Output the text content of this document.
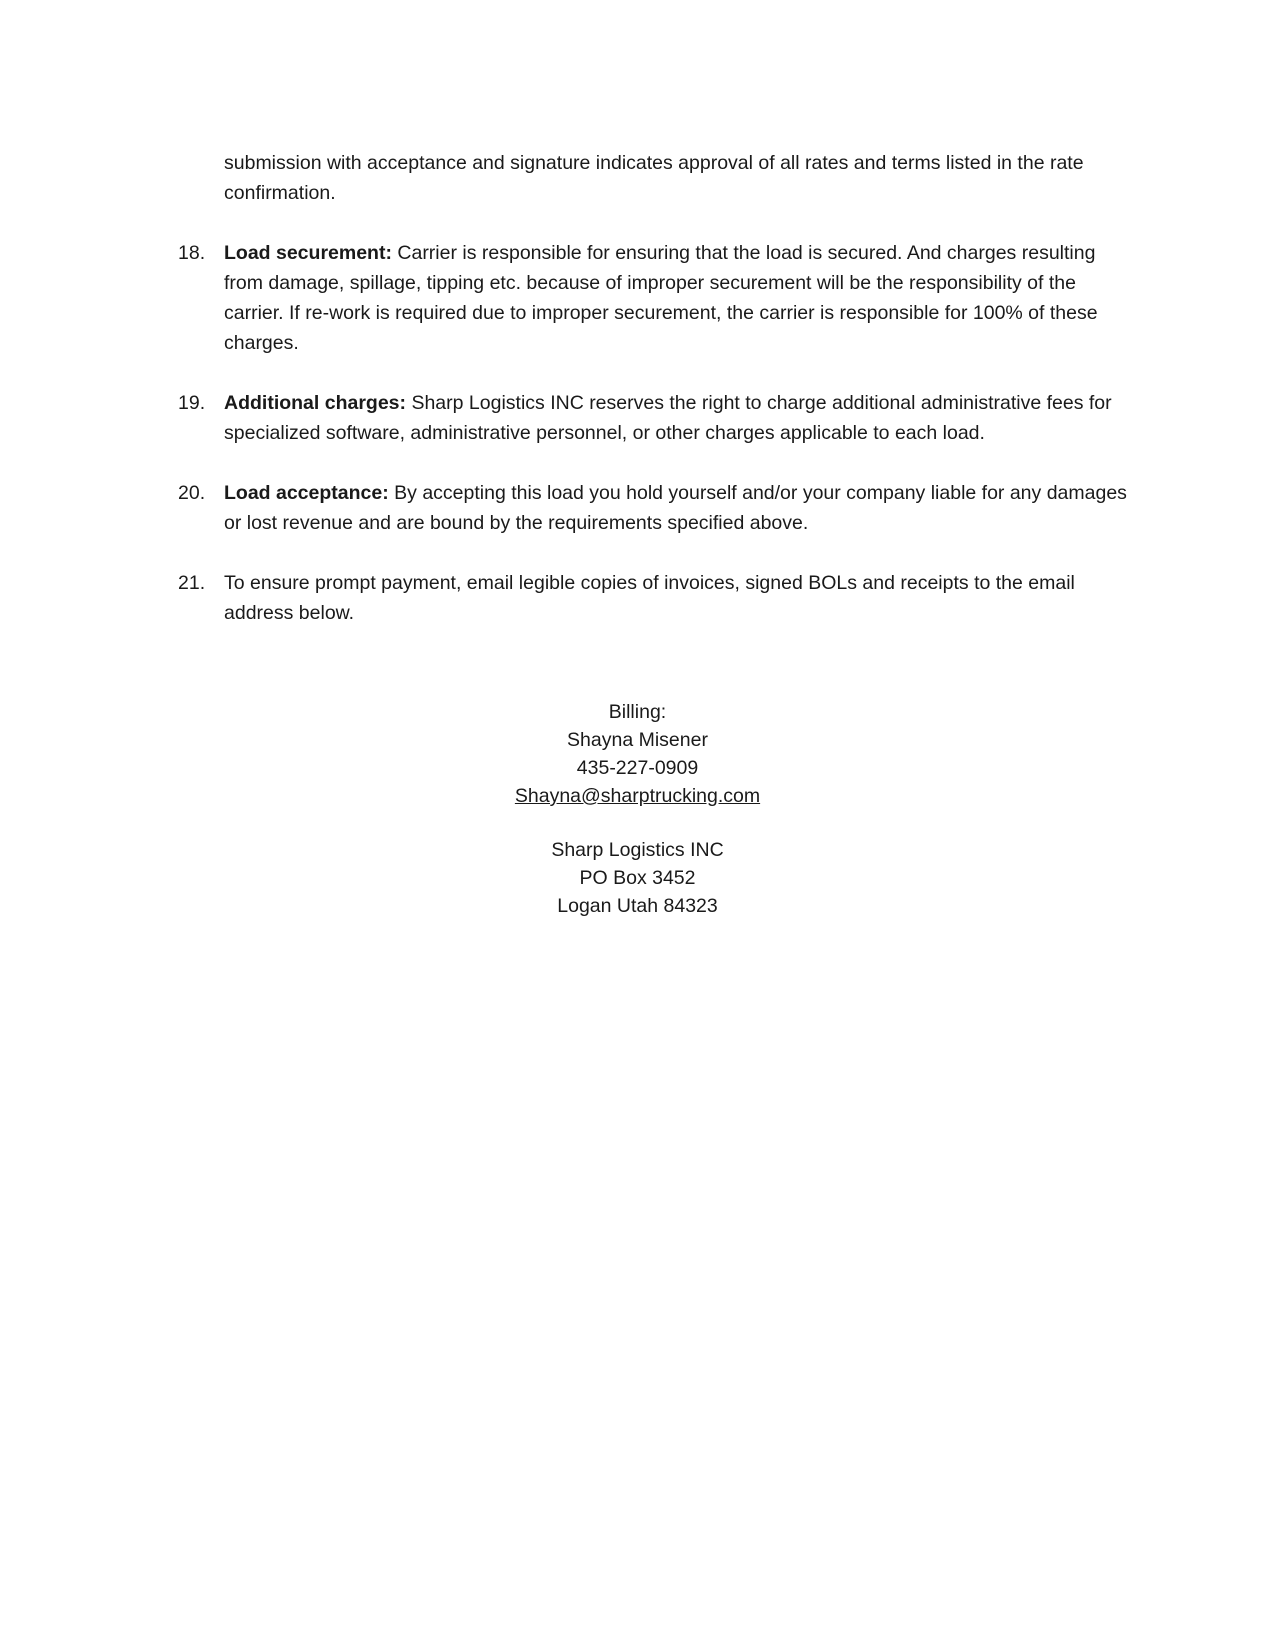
submission with acceptance and signature indicates approval of all rates and terms listed in the rate confirmation.

18. Load securement: Carrier is responsible for ensuring that the load is secured. And charges resulting from damage, spillage, tipping etc. because of improper securement will be the responsibility of the carrier. If re-work is required due to improper securement, the carrier is responsible for 100% of these charges.
19. Additional charges: Sharp Logistics INC reserves the right to charge additional administrative fees for specialized software, administrative personnel, or other charges applicable to each load.
20. Load acceptance: By accepting this load you hold yourself and/or your company liable for any damages or lost revenue and are bound by the requirements specified above.
21. To ensure prompt payment, email legible copies of invoices, signed BOLs and receipts to the email address below.
Billing:
Shayna Misener
435-227-0909
Shayna@sharptrucking.com
Sharp Logistics INC
PO Box 3452
Logan Utah 84323
